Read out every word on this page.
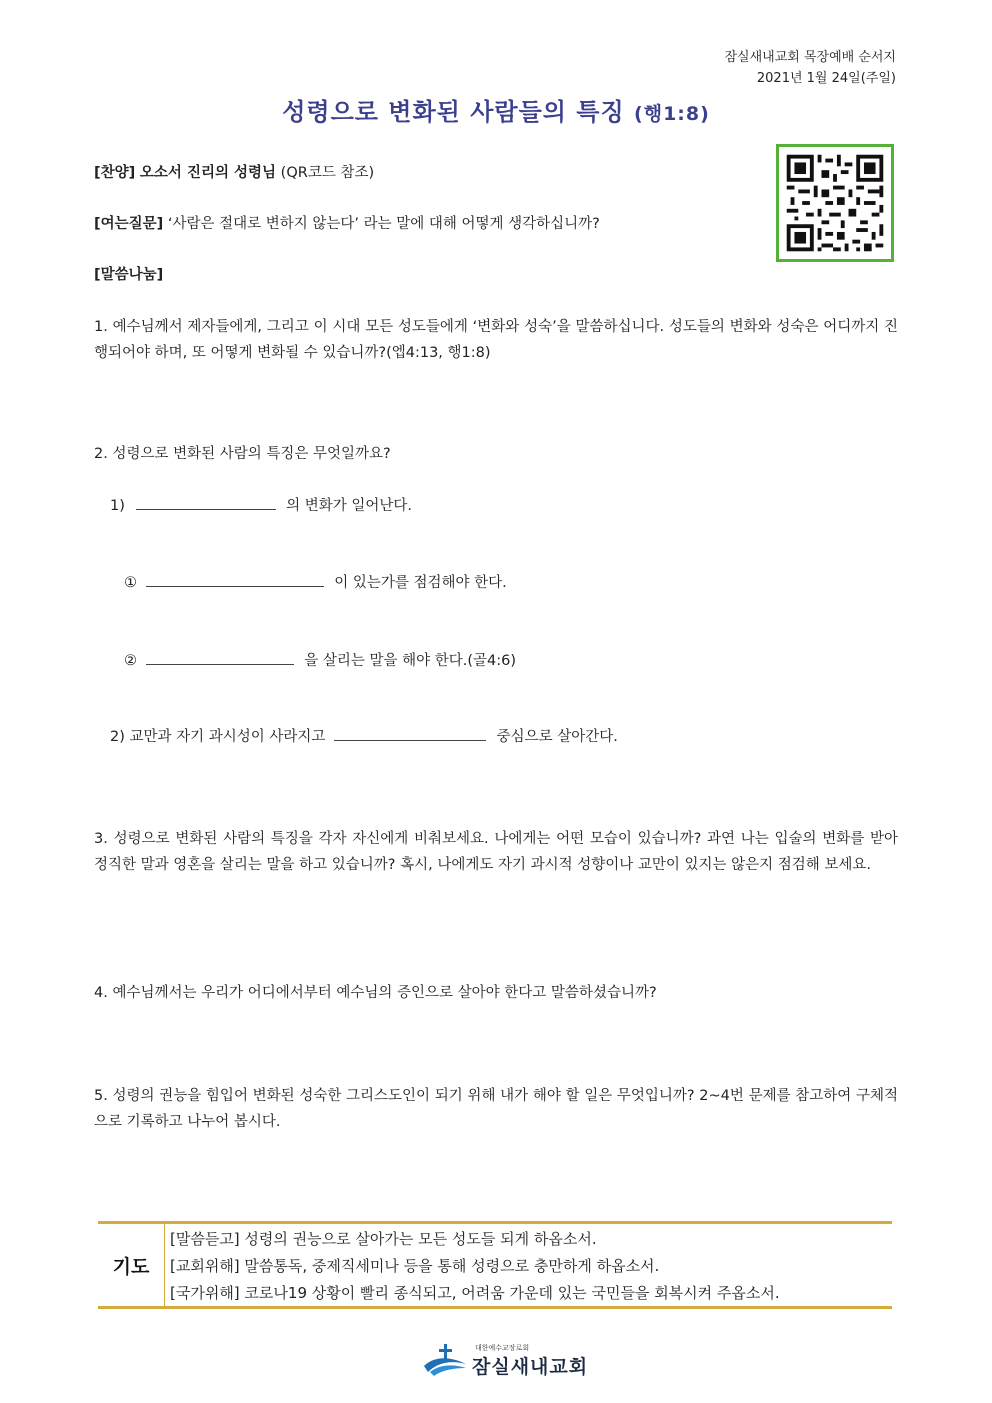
잠실새내교회 목장예배 순서지
2021년 1월 24일(주일)
성령으로 변화된 사람들의 특징 (행1:8)
[찬양] 오소서 진리의 성령님 (QR코드 참조)
[여는질문] ‘사람은 절대로 변하지 않는다’ 라는 말에 대해 어떻게 생각하십니까?
[말씀나눔]
1. 예수님께서 제자들에게, 그리고 이 시대 모든 성도들에게 ‘변화와 성숙’을 말씀하십니다. 성도들의 변화와 성숙은 어디까지 진행되어야 하며, 또 어떻게 변화될 수 있습니까?(엡4:13, 행1:8)
2. 성령으로 변화된 사람의 특징은 무엇일까요?
1)	의 변화가 일어난다.
①	이 있는가를 점검해야 한다.
②	을 살리는 말을 해야 한다.(골4:6)
2) 교만과 자기 과시성이 사라지고	중심으로 살아간다.
3. 성령으로 변화된 사람의 특징을 각자 자신에게 비춰보세요. 나에게는 어떤 모습이 있습니까? 과연 나는 입술의 변화를 받아 정직한 말과 영혼을 살리는 말을 하고 있습니까? 혹시, 나에게도 자기 과시적 성향이나 교만이 있지는 않은지 점검해 보세요.
4. 예수님께서는 우리가 어디에서부터 예수님의 증인으로 살아야 한다고 말씀하셨습니까?
5. 성령의 권능을 힘입어 변화된 성숙한 그리스도인이 되기 위해 내가 해야 할 일은 무엇입니까? 2~4번 문제를 참고하여 구체적으로 기록하고 나누어 봅시다.
기도
[말씀듣고] 성령의 권능으로 살아가는 모든 성도들 되게 하옵소서.
[교회위해] 말씀통독, 중제직세미나 등을 통해 성령으로 충만하게 하옵소서.
[국가위해] 코로나19 상황이 빨리 종식되고, 어려움 가운데 있는 국민들을 회복시켜 주옵소서.
대한예수교장로회
잠실새내교회
